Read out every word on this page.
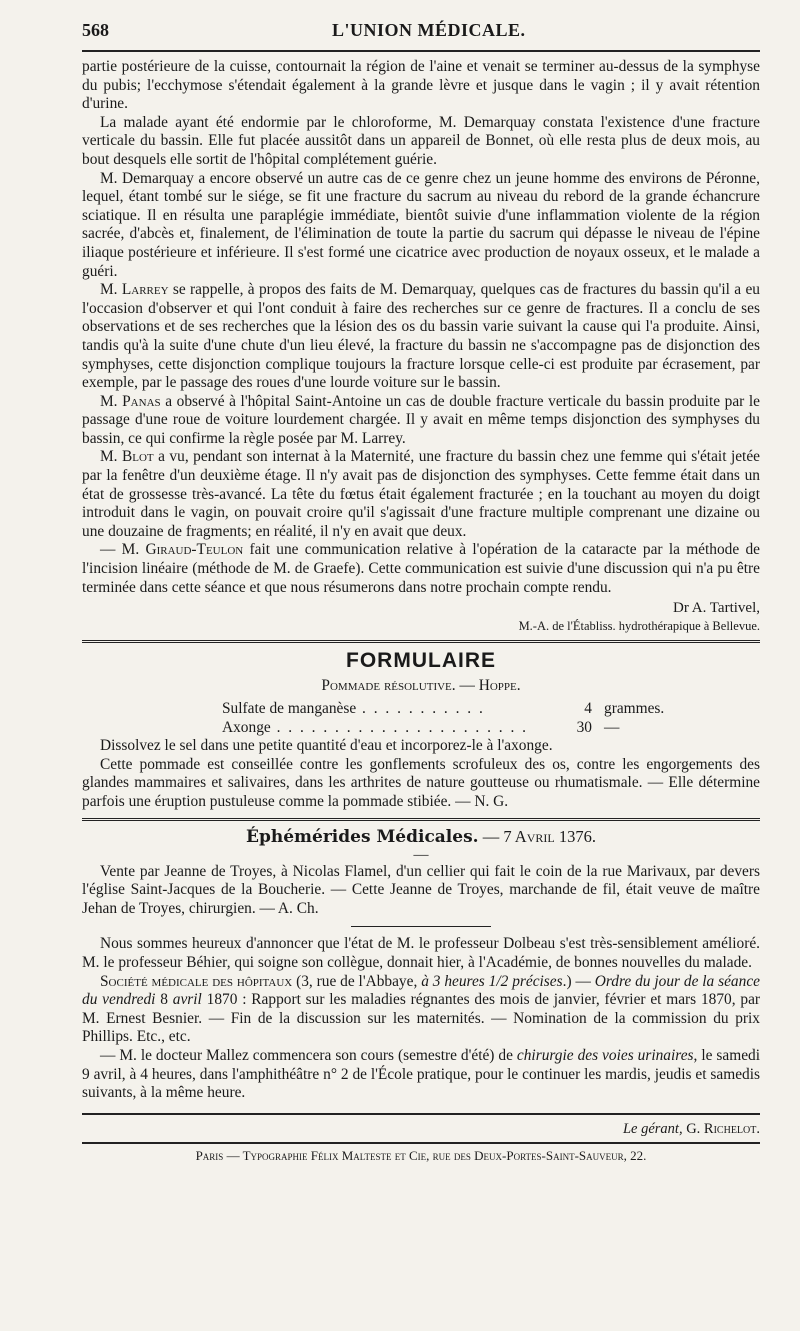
568	L'UNION MÉDICALE.

partie postérieure de la cuisse, contournait la région de l'aine et venait se terminer au-dessus de la symphyse du pubis; l'ecchymose s'étendait également à la grande lèvre et jusque dans le vagin ; il y avait rétention d'urine.

La malade ayant été endormie par le chloroforme, M. Demarquay constata l'existence d'une fracture verticale du bassin. Elle fut placée aussitôt dans un appareil de Bonnet, où elle resta plus de deux mois, au bout desquels elle sortit de l'hôpital complétement guérie.

M. Demarquay a encore observé un autre cas de ce genre chez un jeune homme des environs de Péronne, lequel, étant tombé sur le siége, se fit une fracture du sacrum au niveau du rebord de la grande échancrure sciatique. Il en résulta une paraplégie immédiate, bientôt suivie d'une inflammation violente de la région sacrée, d'abcès et, finalement, de l'élimination de toute la partie du sacrum qui dépasse le niveau de l'épine iliaque postérieure et inférieure. Il s'est formé une cicatrice avec production de noyaux osseux, et le malade a guéri.

M. Larrey se rappelle, à propos des faits de M. Demarquay, quelques cas de fractures du bassin qu'il a eu l'occasion d'observer et qui l'ont conduit à faire des recherches sur ce genre de fractures. Il a conclu de ses observations et de ses recherches que la lésion des os du bassin varie suivant la cause qui l'a produite. Ainsi, tandis qu'à la suite d'une chute d'un lieu élevé, la fracture du bassin ne s'accompagne pas de disjonction des symphyses, cette disjonction complique toujours la fracture lorsque celle-ci est produite par écrasement, par exemple, par le passage des roues d'une lourde voiture sur le bassin.

M. Panas a observé à l'hôpital Saint-Antoine un cas de double fracture verticale du bassin produite par le passage d'une roue de voiture lourdement chargée. Il y avait en même temps disjonction des symphyses du bassin, ce qui confirme la règle posée par M. Larrey.

M. Blot a vu, pendant son internat à la Maternité, une fracture du bassin chez une femme qui s'était jetée par la fenêtre d'un deuxième étage. Il n'y avait pas de disjonction des symphyses. Cette femme était dans un état de grossesse très-avancé. La tête du fœtus était également fracturée ; en la touchant au moyen du doigt introduit dans le vagin, on pouvait croire qu'il s'agissait d'une fracture multiple comprenant une dizaine ou une douzaine de fragments; en réalité, il n'y en avait que deux.

— M. Giraud-Teulon fait une communication relative à l'opération de la cataracte par la méthode de l'incision linéaire (méthode de M. de Graefe). Cette communication est suivie d'une discussion qui n'a pu être terminée dans cette séance et que nous résumerons dans notre prochain compte rendu.

Dr A. Tartivel,
M.-A. de l'Établiss. hydrothérapique à Bellevue.
FORMULAIRE
Pommade résolutive. — Hoppe.
Sulfate de manganèse . . . . . . . . . . .	4 grammes.
Axonge . . . . . . . . . . . . . . . . . . . . . .	30 —

Dissolvez le sel dans une petite quantité d'eau et incorporez-le à l'axonge.

Cette pommade est conseillée contre les gonflements scrofuleux des os, contre les engorgements des glandes mammaires et salivaires, dans les arthrites de nature goutteuse ou rhumatismale. — Elle détermine parfois une éruption pustuleuse comme la pommade stibiée. — N. G.

Éphémérides Médicales. — 7 Avril 1376.
—

Vente par Jeanne de Troyes, à Nicolas Flamel, d'un cellier qui fait le coin de la rue Marivaux, par devers l'église Saint-Jacques de la Boucherie. — Cette Jeanne de Troyes, marchande de fil, était veuve de maître Jehan de Troyes, chirurgien. — A. Ch.

Nous sommes heureux d'annoncer que l'état de M. le professeur Dolbeau s'est très-sensiblement amélioré. M. le professeur Béhier, qui soigne son collègue, donnait hier, à l'Académie, de bonnes nouvelles du malade.

Société médicale des hôpitaux (3, rue de l'Abbaye, à 3 heures 1/2 précises.) — Ordre du jour de la séance du vendredi 8 avril 1870 : Rapport sur les maladies régnantes des mois de janvier, février et mars 1870, par M. Ernest Besnier. — Fin de la discussion sur les maternités. — Nomination de la commission du prix Phillips. Etc., etc.

— M. le docteur Mallez commencera son cours (semestre d'été) de chirurgie des voies urinaires, le samedi 9 avril, à 4 heures, dans l'amphithéâtre n° 2 de l'École pratique, pour le continuer les mardis, jeudis et samedis suivants, à la même heure.

Le gérant, G. Richelot.
Paris — Typographie Félix Malteste et Cie, rue des Deux-Portes-Saint-Sauveur, 22.
